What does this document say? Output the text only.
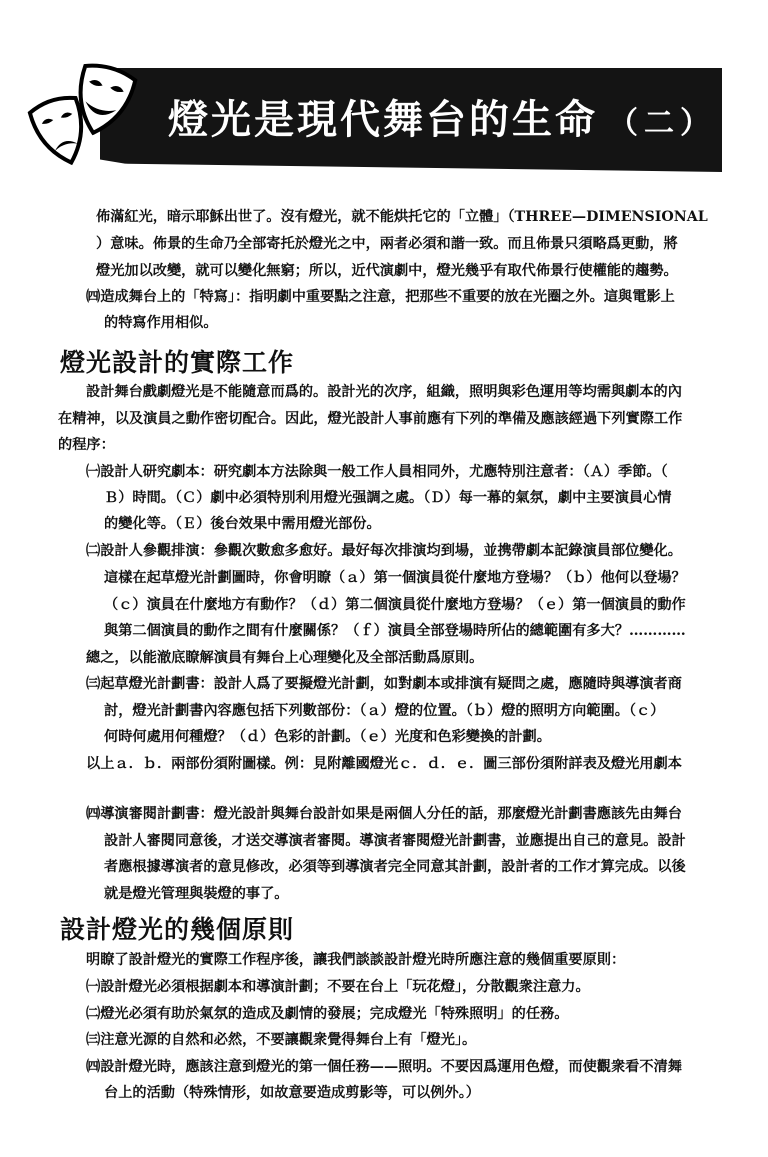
燈光是現代舞台的生命 （二）
佈滿紅光，暗示耶穌出世了。沒有燈光，就不能烘托它的「立體」（THREE—DIMENSIONAL
）意味。佈景的生命乃全部寄托於燈光之中，兩者必須和諧一致。而且佈景只須略爲更動，將
燈光加以改變，就可以變化無窮；所以，近代演劇中，燈光幾乎有取代佈景行使權能的趨勢。
㈣造成舞台上的「特寫」：指明劇中重要點之注意，把那些不重要的放在光圈之外。這與電影上
的特寫作用相似。
燈光設計的實際工作
設計舞台戲劇燈光是不能隨意而爲的。設計光的次序，組織，照明與彩色運用等均需與劇本的內
在精神，以及演員之動作密切配合。因此，燈光設計人事前應有下列的準備及應該經過下列實際工作
的程序：
㈠設計人研究劇本：研究劇本方法除與一般工作人員相同外，尤應特別注意者：（Ａ）季節。（
Ｂ）時間。（Ｃ）劇中必須特別利用燈光强調之處。（Ｄ）每一幕的氣氛，劇中主要演員心情
的變化等。（Ｅ）後台效果中需用燈光部份。
㈡設計人參觀排演：參觀次數愈多愈好。最好每次排演均到場，並携帶劇本記錄演員部位變化。
這樣在起草燈光計劃圖時，你會明瞭（ａ）第一個演員從什麼地方登場？（ｂ）他何以登場？
（ｃ）演員在什麼地方有動作？（ｄ）第二個演員從什麼地方登場？（ｅ）第一個演員的動作
與第二個演員的動作之間有什麼關係？（ｆ）演員全部登場時所佔的總範圍有多大？…………
總之，以能澈底瞭解演員有舞台上心理變化及全部活動爲原則。
㈢起草燈光計劃書：設計人爲了要擬燈光計劃，如對劇本或排演有疑問之處，應隨時與導演者商
討，燈光計劃書內容應包括下列數部份：（ａ）燈的位置。（ｂ）燈的照明方向範圍。（ｃ）
何時何處用何種燈？（ｄ）色彩的計劃。（ｅ）光度和色彩變換的計劃。
以上ａ．ｂ．兩部份須附圖樣。例：見附離國燈光ｃ．ｄ．ｅ．圖三部份須附詳表及燈光用劇本
㈣導演審閱計劃書：燈光設計與舞台設計如果是兩個人分任的話，那麼燈光計劃書應該先由舞台
設計人審閱同意後，才送交導演者審閱。導演者審閱燈光計劃書，並應提出自己的意見。設計
者應根據導演者的意見修改，必須等到導演者完全同意其計劃，設計者的工作才算完成。以後
就是燈光管理與裝燈的事了。
設計燈光的幾個原則
明瞭了設計燈光的實際工作程序後，讓我們談談設計燈光時所應注意的幾個重要原則：
㈠設計燈光必須根据劇本和導演計劃；不要在台上「玩花燈」，分散觀衆注意力。
㈡燈光必須有助於氣氛的造成及劇情的發展；完成燈光「特殊照明」的任務。
㈢注意光源的自然和必然，不要讓觀衆覺得舞台上有「燈光」。
㈣設計燈光時，應該注意到燈光的第一個任務——照明。不要因爲運用色燈，而使觀衆看不清舞
台上的活動（特殊情形，如故意要造成剪影等，可以例外。）
